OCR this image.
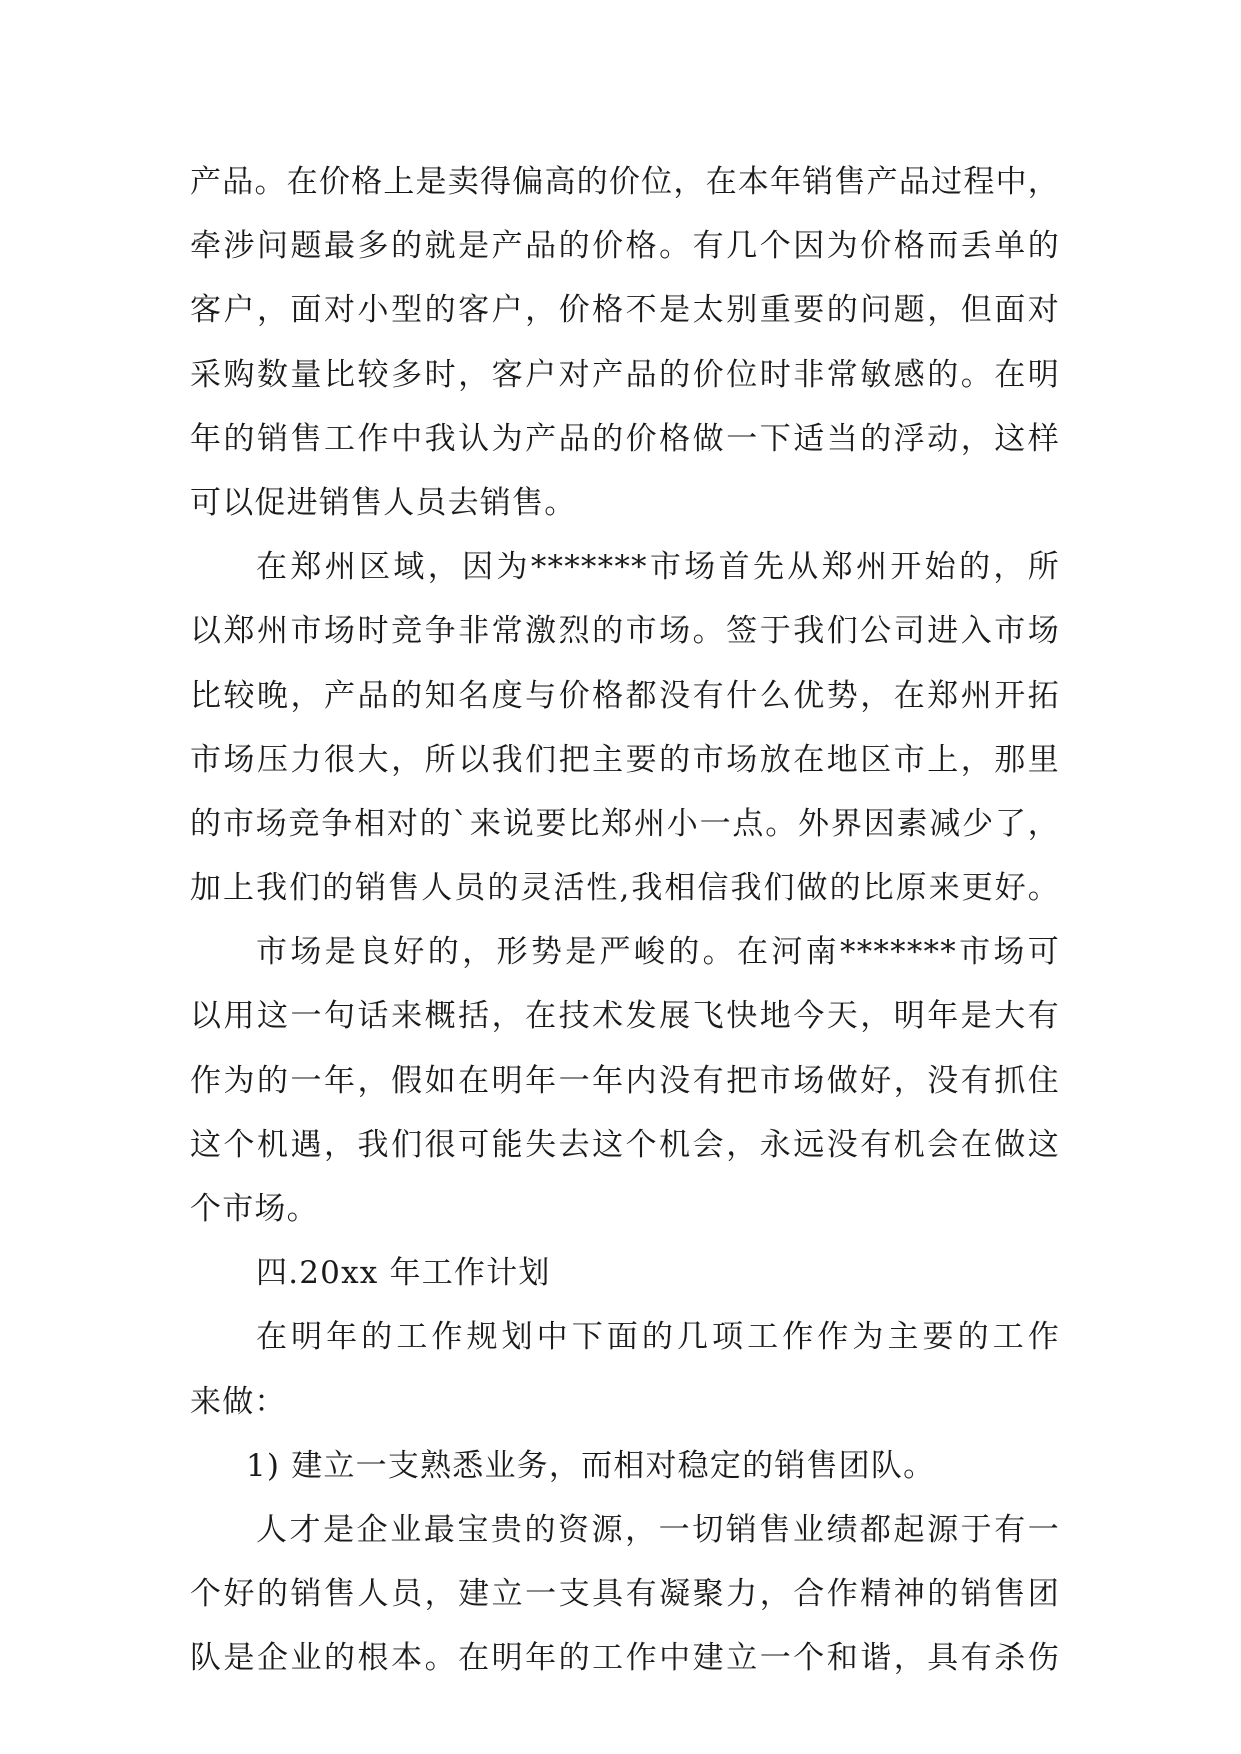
产品。在价格上是卖得偏高的价位，在本年销售产品过程中，
牵涉问题最多的就是产品的价格。有几个因为价格而丢单的
客户，面对小型的客户，价格不是太别重要的问题，但面对
采购数量比较多时，客户对产品的价位时非常敏感的。在明
年的销售工作中我认为产品的价格做一下适当的浮动，这样
可以促进销售人员去销售。
在郑州区域，因为*******市场首先从郑州开始的，所
以郑州市场时竞争非常激烈的市场。签于我们公司进入市场
比较晚，产品的知名度与价格都没有什么优势，在郑州开拓
市场压力很大，所以我们把主要的市场放在地区市上，那里
的市场竞争相对的`来说要比郑州小一点。外界因素减少了，
加上我们的销售人员的灵活性,我相信我们做的比原来更好。
市场是良好的，形势是严峻的。在河南*******市场可
以用这一句话来概括，在技术发展飞快地今天，明年是大有
作为的一年，假如在明年一年内没有把市场做好，没有抓住
这个机遇，我们很可能失去这个机会，永远没有机会在做这
个市场。
四.20xx 年工作计划
在明年的工作规划中下面的几项工作作为主要的工作
来做：
1) 建立一支熟悉业务，而相对稳定的销售团队。
人才是企业最宝贵的资源，一切销售业绩都起源于有一
个好的销售人员，建立一支具有凝聚力，合作精神的销售团
队是企业的根本。在明年的工作中建立一个和谐，具有杀伤
